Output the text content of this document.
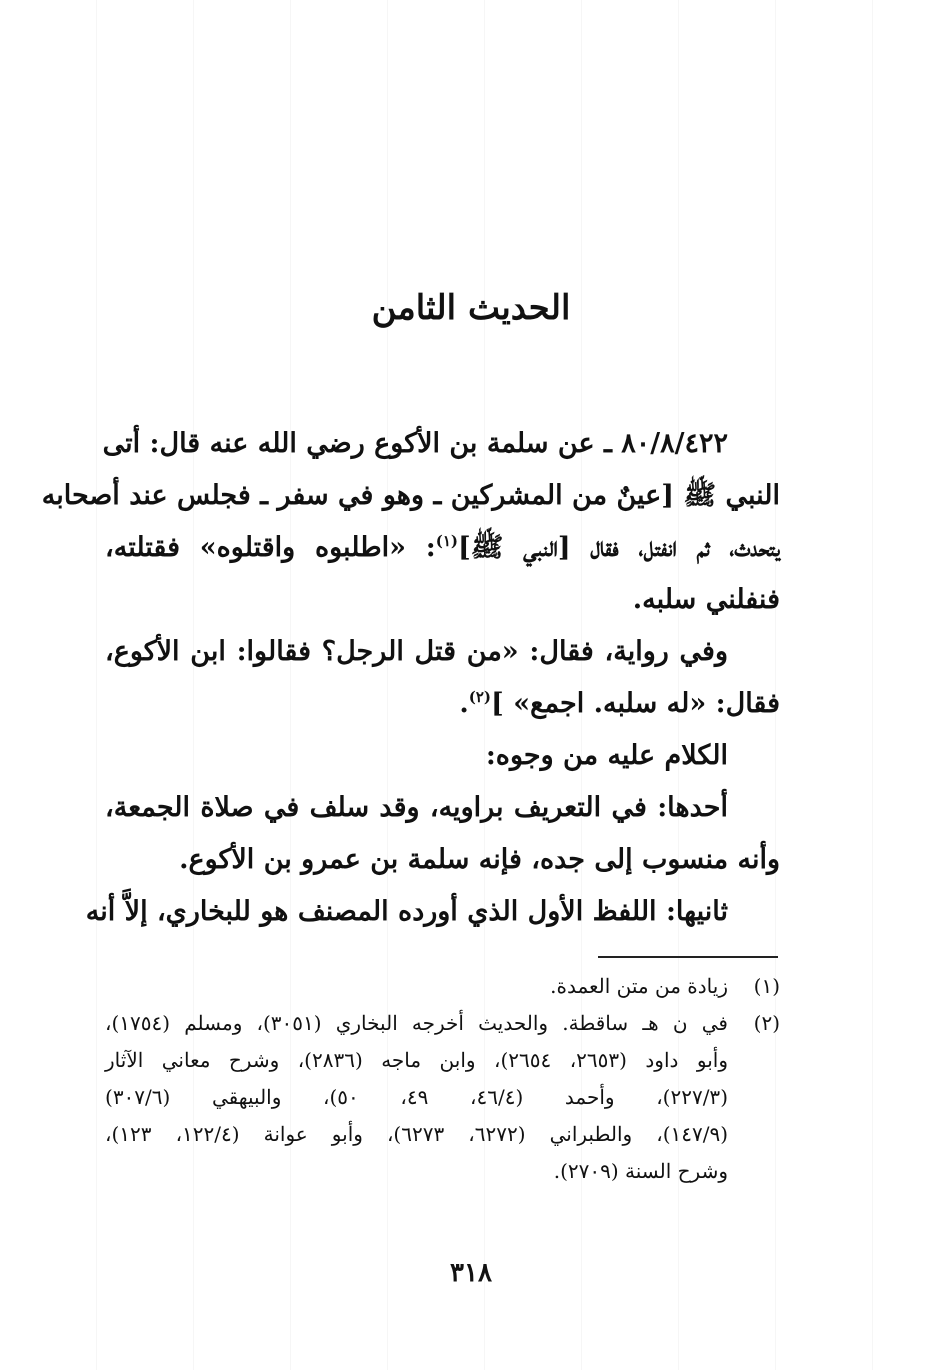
الحديث الثامن
٨٠/٨/٤٢٢ ـ عن سلمة بن الأكوع رضي الله عنه قال: أتى
النبي ﷺ [عينٌ من المشركين ـ وهو في سفر ـ فجلس عند أصحابه
يتحدث، ثم انفتل، فقال [النبي ﷺ]$^{(١)}$: «اطلبوه واقتلوه» فقتلته،
فنفلني سلبه.
وفي رواية، فقال: «من قتل الرجل؟ فقالوا: ابن الأكوع،
فقال: «له سلبه. اجمع» ]$^{(٢)}$.
الكلام عليه من وجوه:
أحدها: في التعريف براويه، وقد سلف في صلاة الجمعة،
وأنه منسوب إلى جده، فإنه سلمة بن عمرو بن الأكوع.
ثانيها: اللفظ الأول الذي أورده المصنف هو للبخاري، إلاَّ أنه
(١)
زيادة من متن العمدة.
(٢)
في ن هـ ساقطة. والحديث أخرجه البخاري (٣٠٥١)، ومسلم (١٧٥٤)،
وأبو داود (٢٦٥٣، ٢٦٥٤)، وابن ماجه (٢٨٣٦)، وشرح معاني الآثار
(٢٢٧/٣)، وأحمد (٤٦/٤، ٤٩، ٥٠)، والبيهقي (٣٠٧/٦)
(١٤٧/٩)، والطبراني (٦٢٧٢، ٦٢٧٣)، وأبو عوانة (١٢٢/٤، ١٢٣)،
وشرح السنة (٢٧٠٩).
٣١٨
